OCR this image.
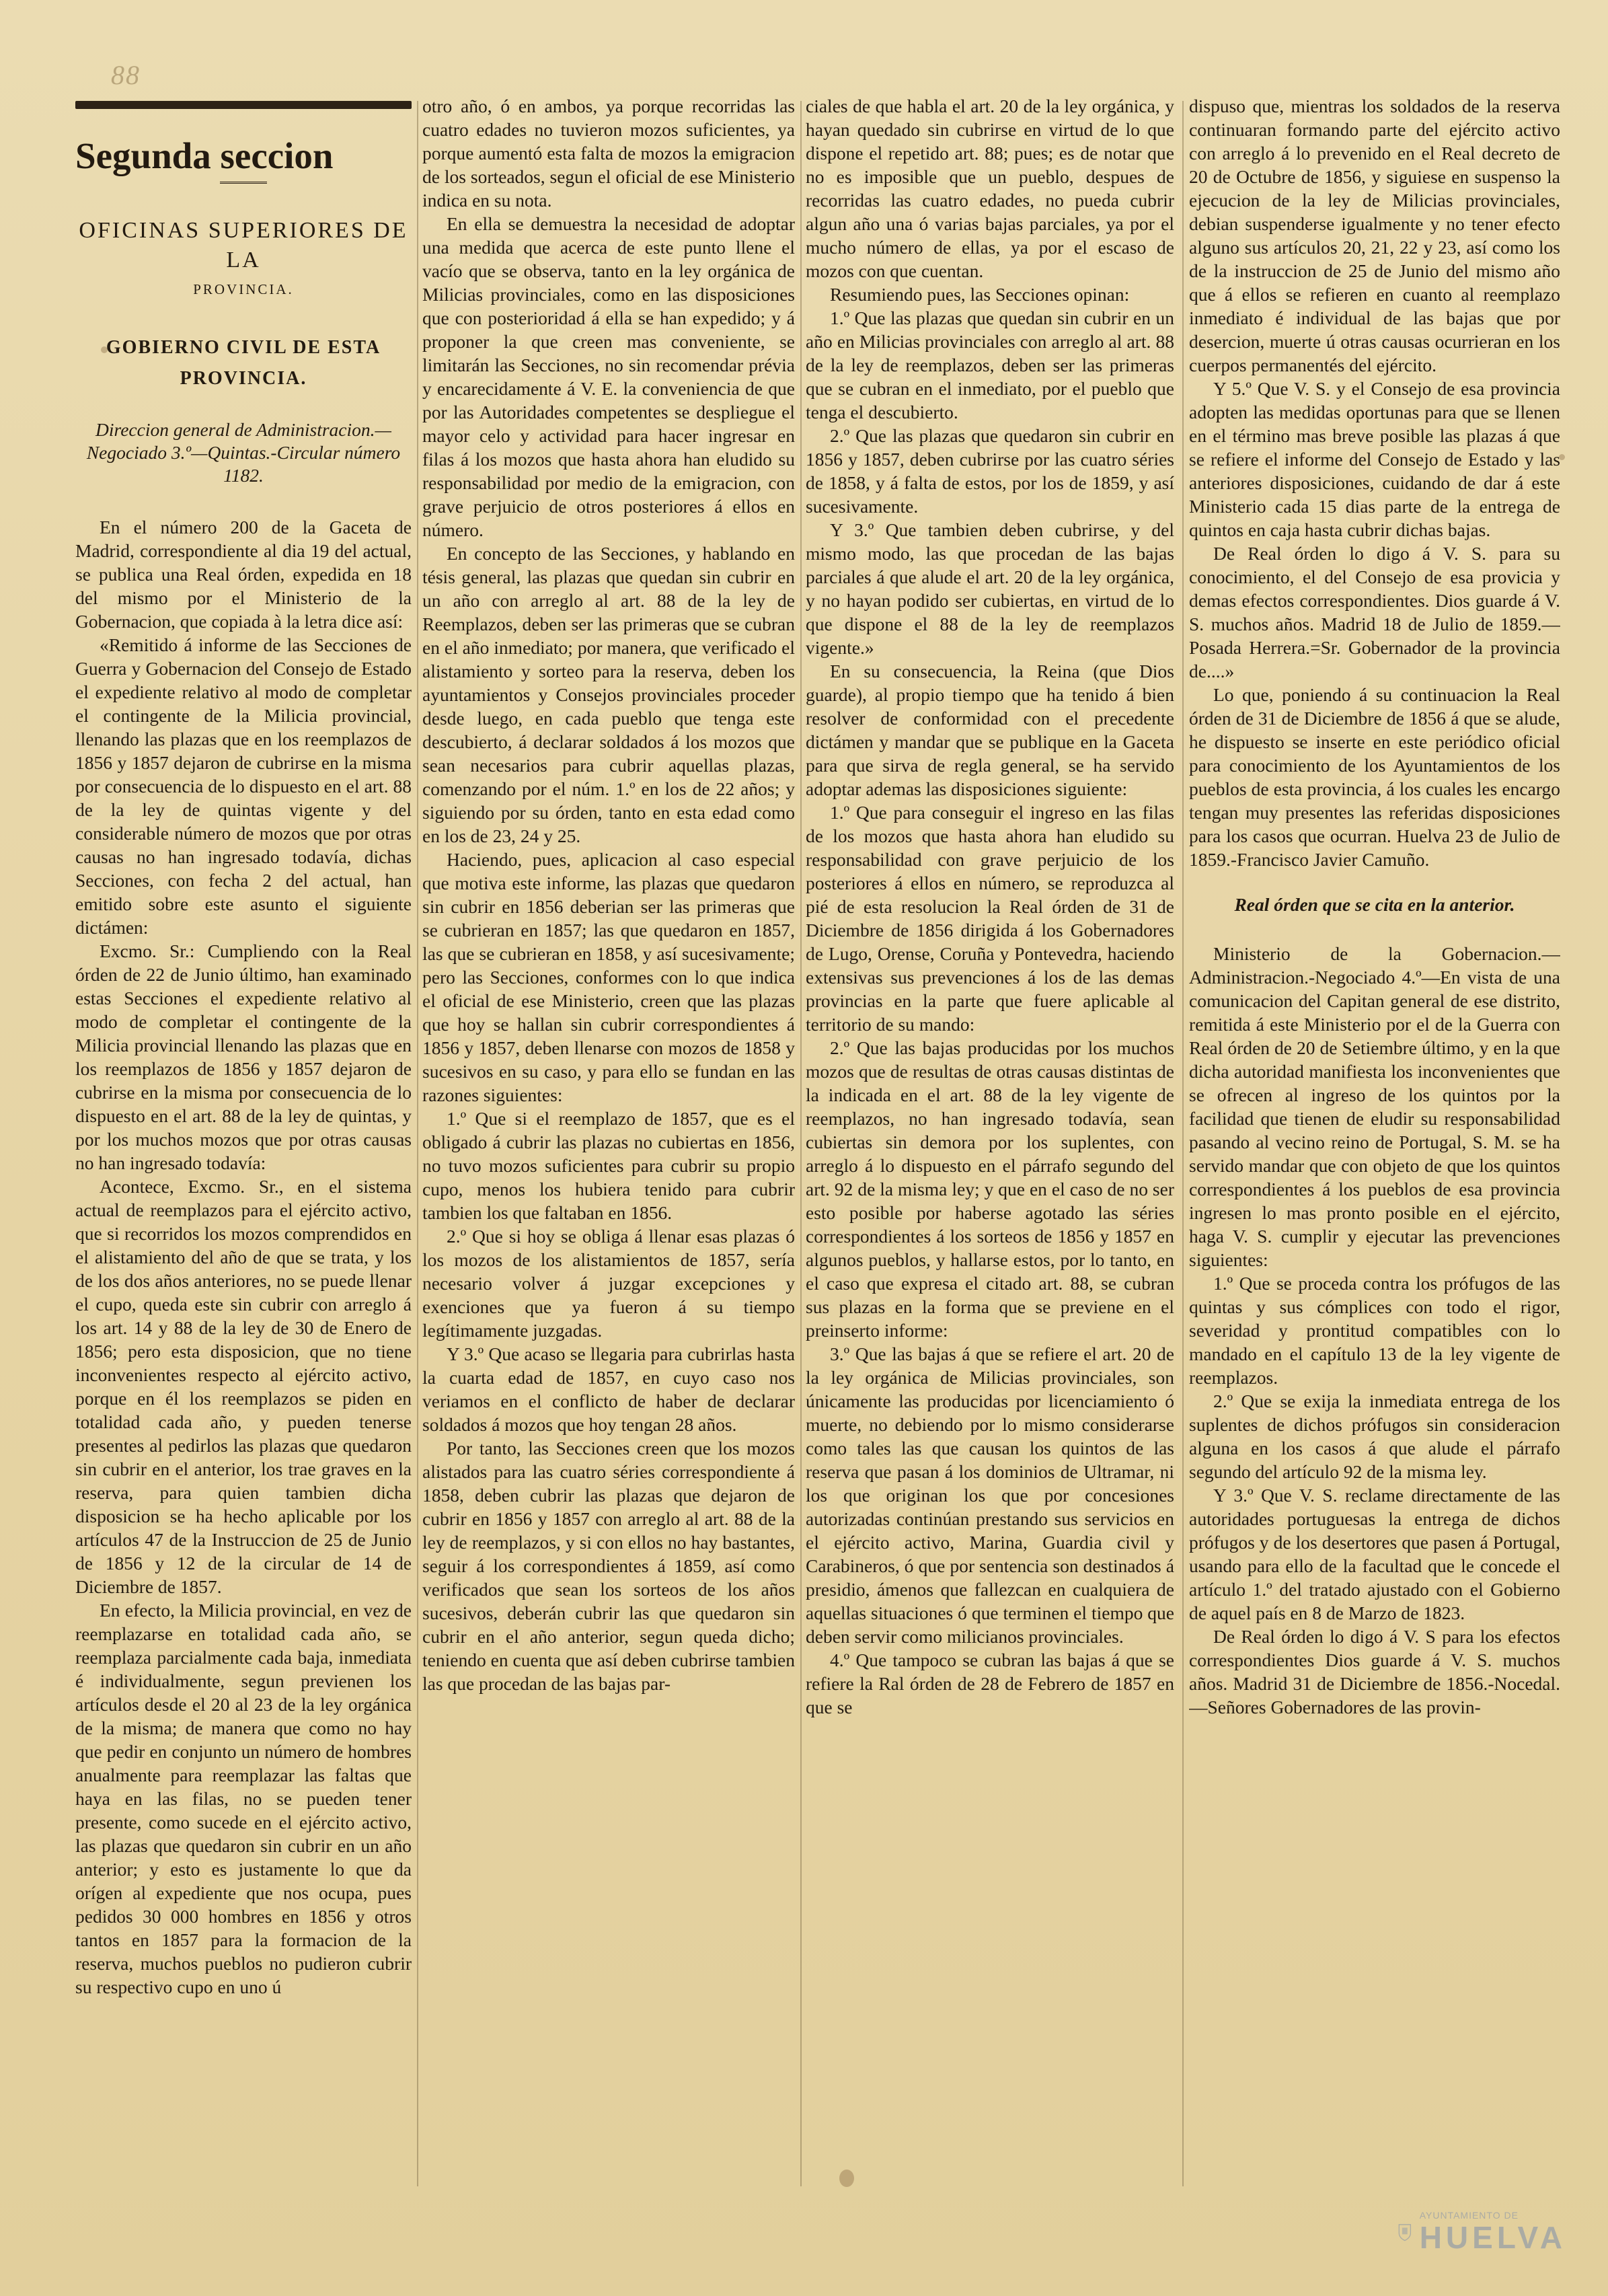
88
Segunda seccion
OFICINAS SUPERIORES DE LA
PROVINCIA.
GOBIERNO CIVIL DE ESTA PROVINCIA.
Direccion general de Administracion.—Negociado 3.º—Quintas.-Circular número 1182.

En el número 200 de la Gaceta de Madrid, correspondiente al dia 19 del actual, se publica una Real órden, expedida en 18 del mismo por el Ministerio de la Gobernacion, que copiada à la letra dice así:

«Remitido á informe de las Secciones de Guerra y Gobernacion del Consejo de Estado el expediente relativo al modo de completar el contingente de la Milicia provincial, llenando las plazas que en los reemplazos de 1856 y 1857 dejaron de cubrirse en la misma por consecuencia de lo dispuesto en el art. 88 de la ley de quintas vigente y del considerable número de mozos que por otras causas no han ingresado todavía, dichas Secciones, con fecha 2 del actual, han emitido sobre este asunto el siguiente dictámen:

Excmo. Sr.: Cumpliendo con la Real órden de 22 de Junio último, han examinado estas Secciones el expediente relativo al modo de completar el contingente de la Milicia provincial llenando las plazas que en los reemplazos de 1856 y 1857 dejaron de cubrirse en la misma por consecuencia de lo dispuesto en el art. 88 de la ley de quintas, y por los muchos mozos que por otras causas no han ingresado todavía:

Acontece, Excmo. Sr., en el sistema actual de reemplazos para el ejército activo, que si recorridos los mozos comprendidos en el alistamiento del año de que se trata, y los de los dos años anteriores, no se puede llenar el cupo, queda este sin cubrir con arreglo á los art. 14 y 88 de la ley de 30 de Enero de 1856; pero esta disposicion, que no tiene inconvenientes respecto al ejército activo, porque en él los reemplazos se piden en totalidad cada año, y pueden tenerse presentes al pedirlos las plazas que quedaron sin cubrir en el anterior, los trae graves en la reserva, para quien tambien dicha disposicion se ha hecho aplicable por los artículos 47 de la Instruccion de 25 de Junio de 1856 y 12 de la circular de 14 de Diciembre de 1857.

En efecto, la Milicia provincial, en vez de reemplazarse en totalidad cada año, se reemplaza parcialmente cada baja, inmediata é individualmente, segun previenen los artículos desde el 20 al 23 de la ley orgánica de la misma; de manera que como no hay que pedir en conjunto un número de hombres anualmente para reemplazar las faltas que haya en las filas, no se pueden tener presente, como sucede en el ejército activo, las plazas que quedaron sin cubrir en un año anterior; y esto es justamente lo que da orígen al expediente que nos ocupa, pues pedidos 30 000 hombres en 1856 y otros tantos en 1857 para la formacion de la reserva, muchos pueblos no pudieron cubrir su respectivo cupo en uno ú

otro año, ó en ambos, ya porque recorridas las cuatro edades no tuvieron mozos suficientes, ya porque aumentó esta falta de mozos la emigracion de los sorteados, segun el oficial de ese Ministerio indica en su nota.

En ella se demuestra la necesidad de adoptar una medida que acerca de este punto llene el vacío que se observa, tanto en la ley orgánica de Milicias provinciales, como en las disposiciones que con posterioridad á ella se han expedido; y á proponer la que creen mas conveniente, se limitarán las Secciones, no sin recomendar prévia y encarecidamente á V. E. la conveniencia de que por las Autoridades competentes se despliegue el mayor celo y actividad para hacer ingresar en filas á los mozos que hasta ahora han eludido su responsabilidad por medio de la emigracion, con grave perjuicio de otros posteriores á ellos en número.

En concepto de las Secciones, y hablando en tésis general, las plazas que quedan sin cubrir en un año con arreglo al art. 88 de la ley de Reemplazos, deben ser las primeras que se cubran en el año inmediato; por manera, que verificado el alistamiento y sorteo para la reserva, deben los ayuntamientos y Consejos provinciales proceder desde luego, en cada pueblo que tenga este descubierto, á declarar soldados á los mozos que sean necesarios para cubrir aquellas plazas, comenzando por el núm. 1.º en los de 22 años; y siguiendo por su órden, tanto en esta edad como en los de 23, 24 y 25.

Haciendo, pues, aplicacion al caso especial que motiva este informe, las plazas que quedaron sin cubrir en 1856 deberian ser las primeras que se cubrieran en 1857; las que quedaron en 1857, las que se cubrieran en 1858, y así sucesivamente; pero las Secciones, conformes con lo que indica el oficial de ese Ministerio, creen que las plazas que hoy se hallan sin cubrir correspondientes á 1856 y 1857, deben llenarse con mozos de 1858 y sucesivos en su caso, y para ello se fundan en las razones siguientes:

1.º Que si el reemplazo de 1857, que es el obligado á cubrir las plazas no cubiertas en 1856, no tuvo mozos suficientes para cubrir su propio cupo, menos los hubiera tenido para cubrir tambien los que faltaban en 1856.

2.º Que si hoy se obliga á llenar esas plazas ó los mozos de los alistamientos de 1857, sería necesario volver á juzgar excepciones y exenciones que ya fueron á su tiempo legítimamente juzgadas.

Y 3.º Que acaso se llegaria para cubrirlas hasta la cuarta edad de 1857, en cuyo caso nos veriamos en el conflicto de haber de declarar soldados á mozos que hoy tengan 28 años.

Por tanto, las Secciones creen que los mozos alistados para las cuatro séries correspondiente á 1858, deben cubrir las plazas que dejaron de cubrir en 1856 y 1857 con arreglo al art. 88 de la ley de reemplazos, y si con ellos no hay bastantes, seguir á los correspondientes á 1859, así como verificados que sean los sorteos de los años sucesivos, deberán cubrir las que quedaron sin cubrir en el año anterior, segun queda dicho; teniendo en cuenta que así deben cubrirse tambien las que procedan de las bajas par-

ciales de que habla el art. 20 de la ley orgánica, y hayan quedado sin cubrirse en virtud de lo que dispone el repetido art. 88; pues; es de notar que no es imposible que un pueblo, despues de recorridas las cuatro edades, no pueda cubrir algun año una ó varias bajas parciales, ya por el mucho número de ellas, ya por el escaso de mozos con que cuentan.

Resumiendo pues, las Secciones opinan:

1.º Que las plazas que quedan sin cubrir en un año en Milicias provinciales con arreglo al art. 88 de la ley de reemplazos, deben ser las primeras que se cubran en el inmediato, por el pueblo que tenga el descubierto.

2.º Que las plazas que quedaron sin cubrir en 1856 y 1857, deben cubrirse por las cuatro séries de 1858, y á falta de estos, por los de 1859, y así sucesivamente.

Y 3.º Que tambien deben cubrirse, y del mismo modo, las que procedan de las bajas parciales á que alude el art. 20 de la ley orgánica, y no hayan podido ser cubiertas, en virtud de lo que dispone el 88 de la ley de reemplazos vigente.»

En su consecuencia, la Reina (que Dios guarde), al propio tiempo que ha tenido á bien resolver de conformidad con el precedente dictámen y mandar que se publique en la Gaceta para que sirva de regla general, se ha servido adoptar ademas las disposiciones siguiente:

1.º Que para conseguir el ingreso en las filas de los mozos que hasta ahora han eludido su responsabilidad con grave perjuicio de los posteriores á ellos en número, se reproduzca al pié de esta resolucion la Real órden de 31 de Diciembre de 1856 dirigida á los Gobernadores de Lugo, Orense, Coruña y Pontevedra, haciendo extensivas sus prevenciones á los de las demas provincias en la parte que fuere aplicable al territorio de su mando:

2.º Que las bajas producidas por los muchos mozos que de resultas de otras causas distintas de la indicada en el art. 88 de la ley vigente de reemplazos, no han ingresado todavía, sean cubiertas sin demora por los suplentes, con arreglo á lo dispuesto en el párrafo segundo del art. 92 de la misma ley; y que en el caso de no ser esto posible por haberse agotado las séries correspondientes á los sorteos de 1856 y 1857 en algunos pueblos, y hallarse estos, por lo tanto, en el caso que expresa el citado art. 88, se cubran sus plazas en la forma que se previene en el preinserto informe:

3.º Que las bajas á que se refiere el art. 20 de la ley orgánica de Milicias provinciales, son únicamente las producidas por licenciamiento ó muerte, no debiendo por lo mismo considerarse como tales las que causan los quintos de las reserva que pasan á los dominios de Ultramar, ni los que originan los que por concesiones autorizadas continúan prestando sus servicios en el ejército activo, Marina, Guardia civil y Carabineros, ó que por sentencia son destinados á presidio, ámenos que fallezcan en cualquiera de aquellas situaciones ó que terminen el tiempo que deben servir como milicianos provinciales.

4.º Que tampoco se cubran las bajas á que se refiere la Ral órden de 28 de Febrero de 1857 en que se

dispuso que, mientras los soldados de la reserva continuaran formando parte del ejército activo con arreglo á lo prevenido en el Real decreto de 20 de Octubre de 1856, y siguiese en suspenso la ejecucion de la ley de Milicias provinciales, debian suspenderse igualmente y no tener efecto alguno sus artículos 20, 21, 22 y 23, así como los de la instruccion de 25 de Junio del mismo año que á ellos se refieren en cuanto al reemplazo inmediato é individual de las bajas que por desercion, muerte ú otras causas ocurrieran en los cuerpos permanentés del ejército.

Y 5.º Que V. S. y el Consejo de esa provincia adopten las medidas oportunas para que se llenen en el término mas breve posible las plazas á que se refiere el informe del Consejo de Estado y las anteriores disposiciones, cuidando de dar á este Ministerio cada 15 dias parte de la entrega de quintos en caja hasta cubrir dichas bajas.

De Real órden lo digo á V. S. para su conocimiento, el del Consejo de esa provicia y demas efectos correspondientes. Dios guarde á V. S. muchos años. Madrid 18 de Julio de 1859.—Posada Herrera.=Sr. Gobernador de la provincia de....»

Lo que, poniendo á su continuacion la Real órden de 31 de Diciembre de 1856 á que se alude, he dispuesto se inserte en este periódico oficial para conocimiento de los Ayuntamientos de los pueblos de esta provincia, á los cuales les encargo tengan muy presentes las referidas disposiciones para los casos que ocurran. Huelva 23 de Julio de 1859.-Francisco Javier Camuño.

Real órden que se cita en la anterior.

Ministerio de la Gobernacion.—Administracion.-Negociado 4.º—En vista de una comunicacion del Capitan general de ese distrito, remitida á este Ministerio por el de la Guerra con Real órden de 20 de Setiembre último, y en la que dicha autoridad manifiesta los inconvenientes que se ofrecen al ingreso de los quintos por la facilidad que tienen de eludir su responsabilidad pasando al vecino reino de Portugal, S. M. se ha servido mandar que con objeto de que los quintos correspondientes á los pueblos de esa provincia ingresen lo mas pronto posible en el ejército, haga V. S. cumplir y ejecutar las prevenciones siguientes:

1.º Que se proceda contra los prófugos de las quintas y sus cómplices con todo el rigor, severidad y prontitud compatibles con lo mandado en el capítulo 13 de la ley vigente de reemplazos.

2.º Que se exija la inmediata entrega de los suplentes de dichos prófugos sin consideracion alguna en los casos á que alude el párrafo segundo del artículo 92 de la misma ley.

Y 3.º Que V. S. reclame directamente de las autoridades portuguesas la entrega de dichos prófugos y de los desertores que pasen á Portugal, usando para ello de la facultad que le concede el artículo 1.º del tratado ajustado con el Gobierno de aquel país en 8 de Marzo de 1823.

De Real órden lo digo á V. S para los efectos correspondientes Dios guarde á V. S. muchos años. Madrid 31 de Diciembre de 1856.-Nocedal. —Señores Gobernadores de las provin-

AYUNTAMIENTO DE
HUELVA
